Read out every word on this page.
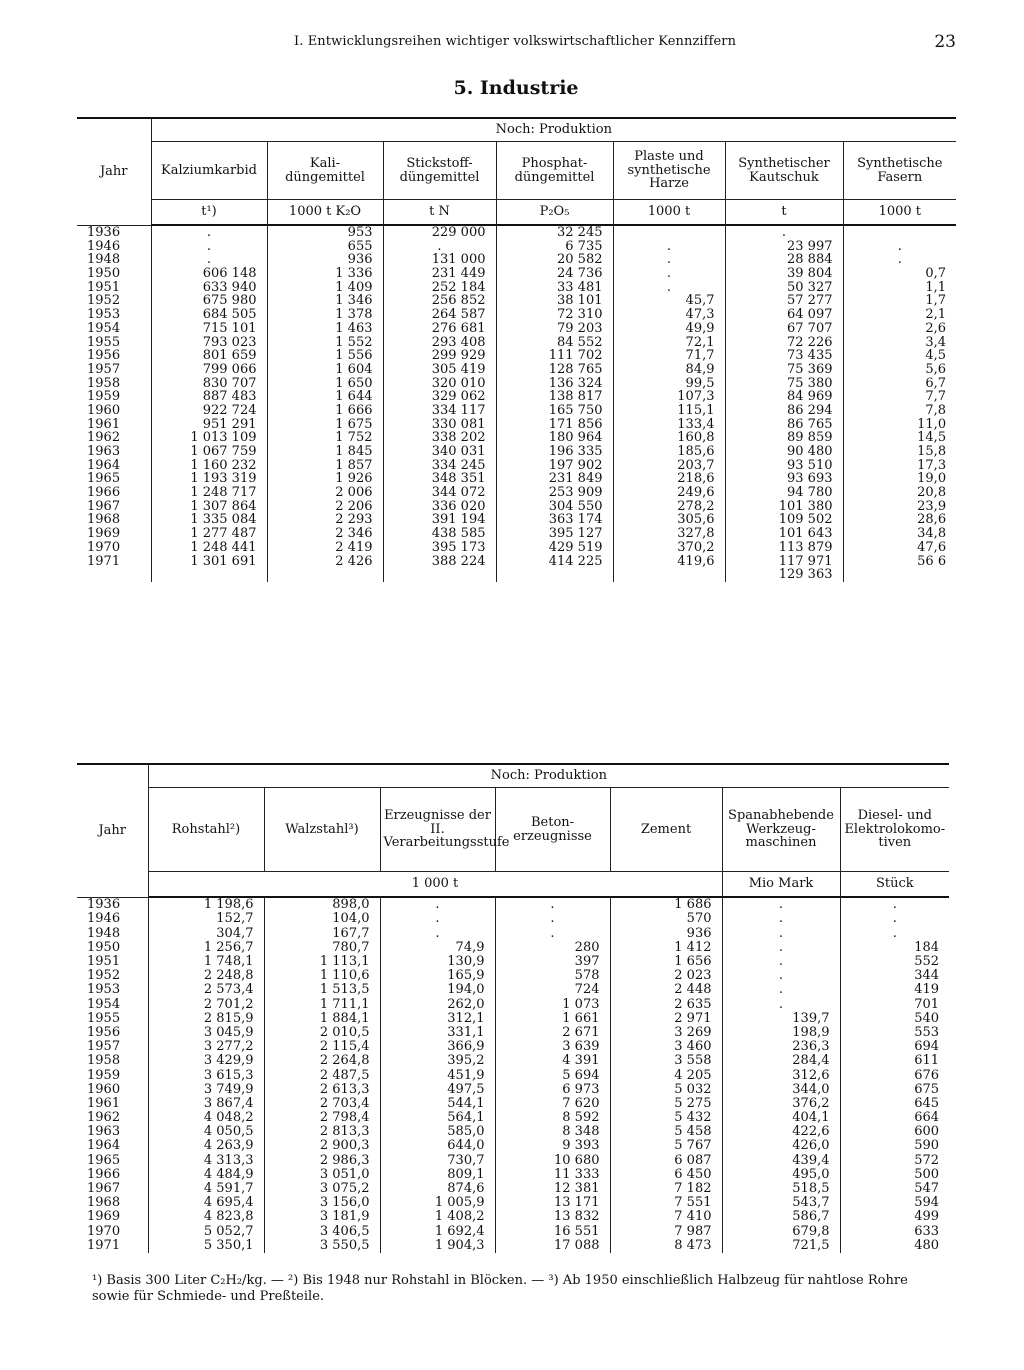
I. Entwicklungsreihen wichtiger volkswirtschaftlicher Kennziffern	23
5. Industrie
Jahr	Noch: Produktion						
	Kalziumkarbid	Kali-düngemittel	Stickstoff-düngemittel	Phosphat-düngemittel	Plaste und synthetische Harze	Synthetischer Kautschuk	Synthetische Fasern
	t¹)	1000 t K₂O	t N	P₂O₅	1000 t	t	1000 t
1936	.	953	229 000	32 245		.	
1946	.	655	.	6 735	.	23 997	.
1948	.	936	131 000	20 582	.	28 884	.
1950	606 148	1 336	231 449	24 736	.	39 804	0,7
1951	633 940	1 409	252 184	33 481	.	50 327	1,1
1952	675 980	1 346	256 852	38 101	45,7	57 277	1,7
1953	684 505	1 378	264 587	72 310	47,3	64 097	2,1
1954	715 101	1 463	276 681	79 203	49,9	67 707	2,6
1955	793 023	1 552	293 408	84 552	72,1	72 226	3,4
1956	801 659	1 556	299 929	111 702	71,7	73 435	4,5
1957	799 066	1 604	305 419	128 765	84,9	75 369	5,6
1958	830 707	1 650	320 010	136 324	99,5	75 380	6,7
1959	887 483	1 644	329 062	138 817	107,3	84 969	7,7
1960	922 724	1 666	334 117	165 750	115,1	86 294	7,8
1961	951 291	1 675	330 081	171 856	133,4	86 765	11,0
1962	1 013 109	1 752	338 202	180 964	160,8	89 859	14,5
1963	1 067 759	1 845	340 031	196 335	185,6	90 480	15,8
1964	1 160 232	1 857	334 245	197 902	203,7	93 510	17,3
1965	1 193 319	1 926	348 351	231 849	218,6	93 693	19,0
1966	1 248 717	2 006	344 072	253 909	249,6	94 780	20,8
1967	1 307 864	2 206	336 020	304 550	278,2	101 380	23,9
1968	1 335 084	2 293	391 194	363 174	305,6	109 502	28,6
1969	1 277 487	2 346	438 585	395 127	327,8	101 643	34,8
1970	1 248 441	2 419	395 173	429 519	370,2	113 879	47,6
1971	1 301 691	2 426	388 224	414 225	419,6	117 971	56 6
						129 363	
Jahr	Noch: Produktion						
	Rohstahl²)	Walzstahl³)	Erzeugnisse der II. Verarbeitungsstufe	Beton-erzeugnisse	Zement	Spanabhebende Werkzeug-maschinen	Diesel- und Elektrolokomo-tiven
	1 000 t					Mio Mark	Stück
1936	1 198,6	898,0	.	.	1 686	.	.
1946	152,7	104,0	.	.	570	.	.
1948	304,7	167,7	.	.	936	.	.
1950	1 256,7	780,7	74,9	280	1 412	.	184
1951	1 748,1	1 113,1	130,9	397	1 656	.	552
1952	2 248,8	1 110,6	165,9	578	2 023	.	344
1953	2 573,4	1 513,5	194,0	724	2 448	.	419
1954	2 701,2	1 711,1	262,0	1 073	2 635	.	701
1955	2 815,9	1 884,1	312,1	1 661	2 971	139,7	540
1956	3 045,9	2 010,5	331,1	2 671	3 269	198,9	553
1957	3 277,2	2 115,4	366,9	3 639	3 460	236,3	694
1958	3 429,9	2 264,8	395,2	4 391	3 558	284,4	611
1959	3 615,3	2 487,5	451,9	5 694	4 205	312,6	676
1960	3 749,9	2 613,3	497,5	6 973	5 032	344,0	675
1961	3 867,4	2 703,4	544,1	7 620	5 275	376,2	645
1962	4 048,2	2 798,4	564,1	8 592	5 432	404,1	664
1963	4 050,5	2 813,3	585,0	8 348	5 458	422,6	600
1964	4 263,9	2 900,3	644,0	9 393	5 767	426,0	590
1965	4 313,3	2 986,3	730,7	10 680	6 087	439,4	572
1966	4 484,9	3 051,0	809,1	11 333	6 450	495,0	500
1967	4 591,7	3 075,2	874,6	12 381	7 182	518,5	547
1968	4 695,4	3 156,0	1 005,9	13 171	7 551	543,7	594
1969	4 823,8	3 181,9	1 408,2	13 832	7 410	586,7	499
1970	5 052,7	3 406,5	1 692,4	16 551	7 987	679,8	633
1971	5 350,1	3 550,5	1 904,3	17 088	8 473	721,5	480

¹) Basis 300 Liter C₂H₂/kg. — ²) Bis 1948 nur Rohstahl in Blöcken. — ³) Ab 1950 einschließlich Halbzeug für nahtlose Rohre

sowie für Schmiede- und Preßteile.
